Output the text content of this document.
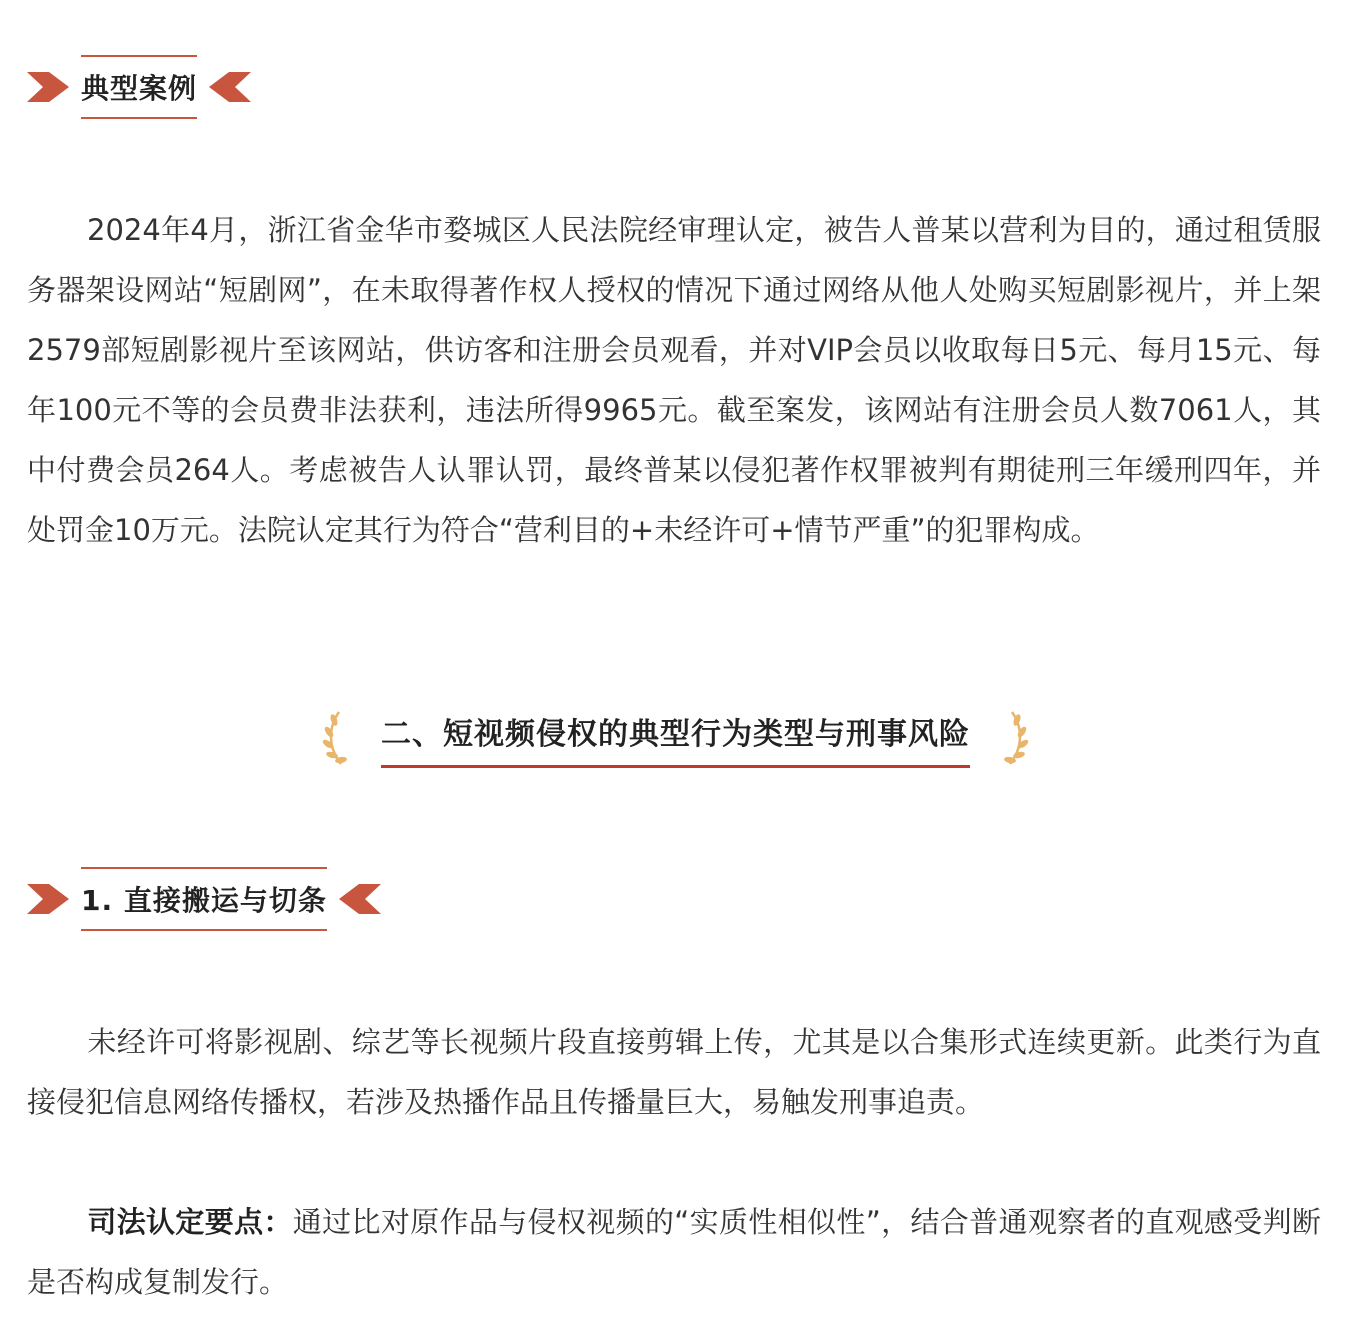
典型案例

2024年4月，浙江省金华市婺城区人民法院经审理认定，被告人普某以营利为目的，通过租赁服务器架设网站“短剧网”，在未取得著作权人授权的情况下通过网络从他人处购买短剧影视片，并上架2579部短剧影视片至该网站，供访客和注册会员观看，并对VIP会员以收取每日5元、每月15元、每年100元不等的会员费非法获利，违法所得9965元。截至案发，该网站有注册会员人数7061人，其中付费会员264人。考虑被告人认罪认罚，最终普某以侵犯著作权罪被判有期徒刑三年缓刑四年，并处罚金10万元。法院认定其行为符合“营利目的+未经许可+情节严重”的犯罪构成。

二、短视频侵权的典型行为类型与刑事风险
1. 直接搬运与切条

未经许可将影视剧、综艺等长视频片段直接剪辑上传，尤其是以合集形式连续更新。此类行为直接侵犯信息网络传播权，若涉及热播作品且传播量巨大，易触发刑事追责。

司法认定要点：通过比对原作品与侵权视频的“实质性相似性”，结合普通观察者的直观感受判断是否构成复制发行。
